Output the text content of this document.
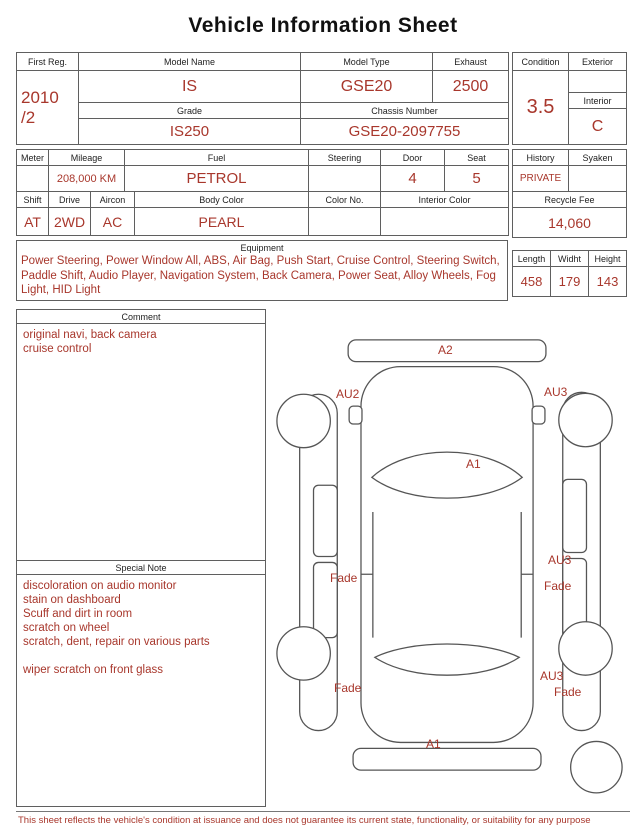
Vehicle Information Sheet
First Reg.	Model Name	Model Type	Exhaust

2010
/2	IS	GSE20	2500
	Grade	Chassis Number	
	IS250	GSE20-2097755	
Meter	Mileage	Fuel	Steering	Door	Seat
	208,000 KM	PETROL		4	5
Shift	Drive	Aircon	Body Color	Color No.	Interior Color
AT	2WD	AC	PEARL		
Equipment
Power Steering, Power Window All, ABS, Air Bag, Push Start, Cruise Control, Steering Switch, Paddle Shift, Audio Player, Navigation System, Back Camera, Power Seat, Alloy Wheels, Fog Light, HID Light
Condition	Exterior
3.5	
	Interior
	C
History	Syaken
PRIVATE	
Recycle Fee
14,060
Length	Widht	Height
458	179	143
Comment
original navi, back camera
cruise control
Special Note
discoloration on audio monitor
stain on dashboard
Scuff and dirt in room
scratch on wheel
scratch, dent, repair on various parts
wiper scratch on front glass
A2
AU2	AU3
A1
Fade
AU3
Fade
Fade
AU3
Fade
A1
This sheet reflects the vehicle's condition at issuance and does not guarantee its current state, functionality, or suitability for any purpose
